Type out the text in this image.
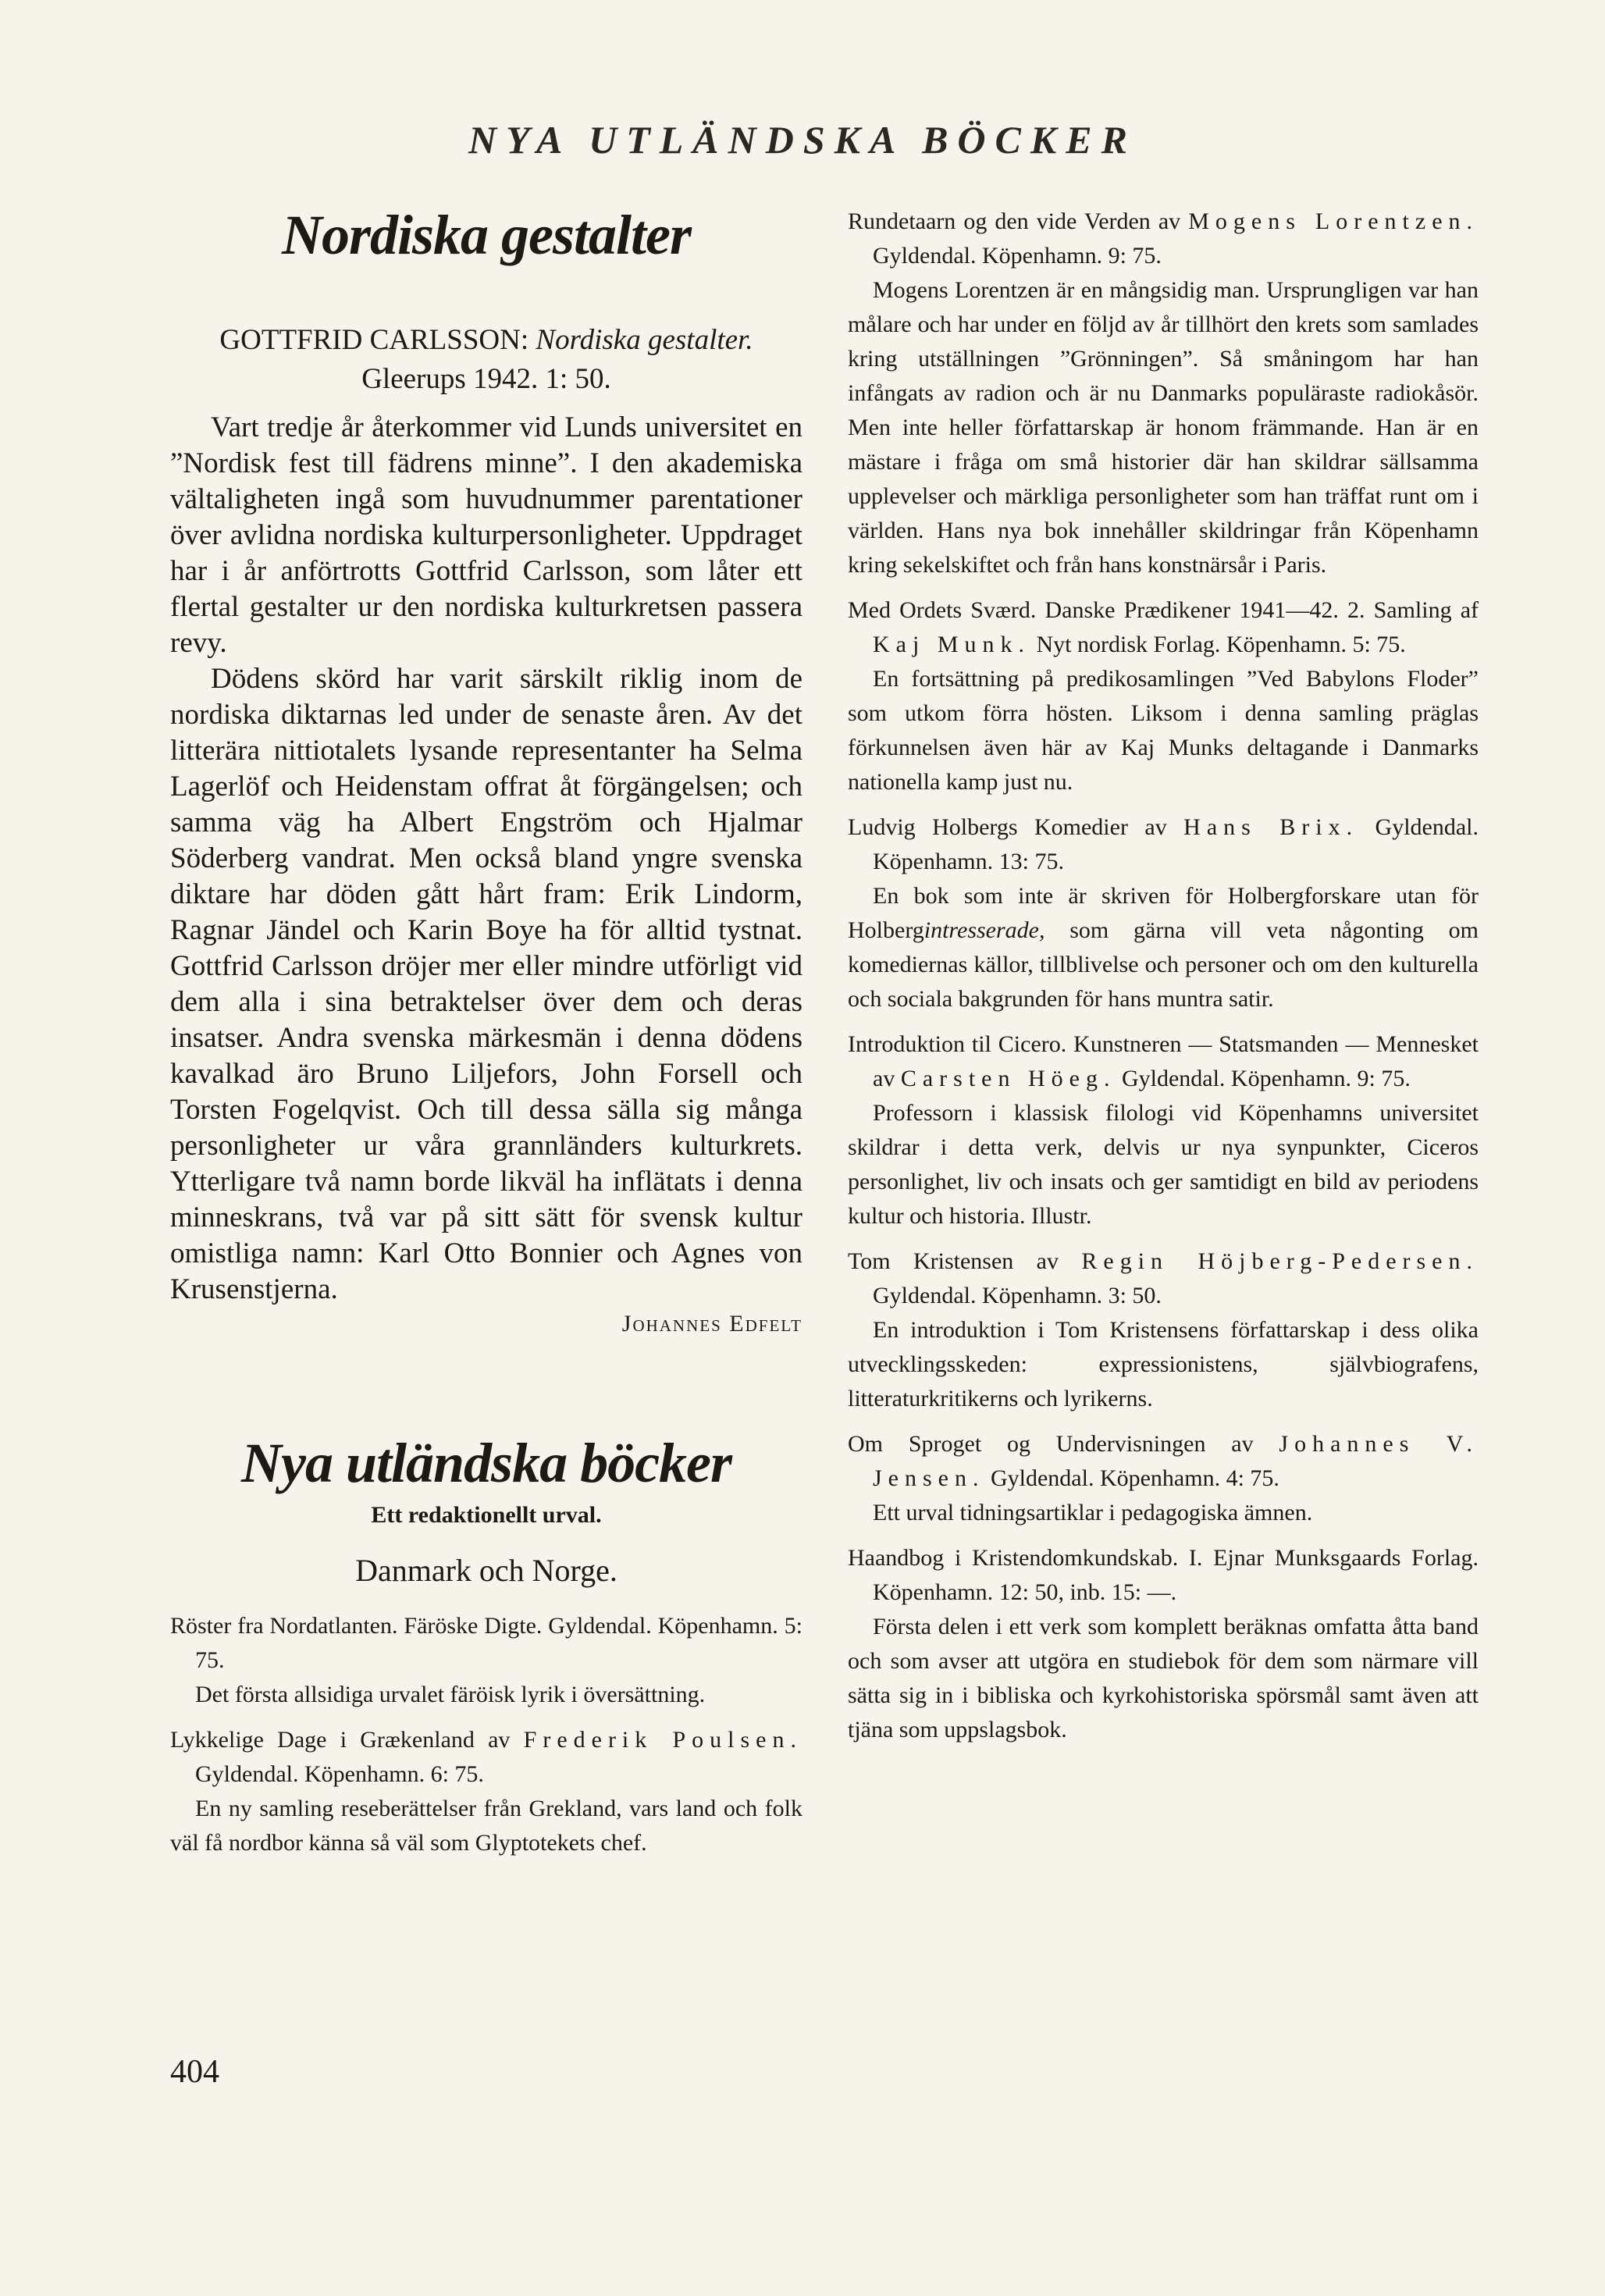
NYA UTLÄNDSKA BÖCKER
Nordiska gestalter
GOTTFRID CARLSSON: Nordiska gestalter.
Gleerups 1942. 1: 50.

Vart tredje år återkommer vid Lunds universitet en ”Nordisk fest till fädrens minne”. I den akademiska vältaligheten ingå som huvudnummer parentationer över avlidna nordiska kulturpersonligheter. Uppdraget har i år anförtrotts Gottfrid Carlsson, som låter ett flertal gestalter ur den nordiska kulturkretsen passera revy.

Dödens skörd har varit särskilt riklig inom de nordiska diktarnas led under de senaste åren. Av det litterära nittiotalets lysande representanter ha Selma Lagerlöf och Heidenstam offrat åt förgängelsen; och samma väg ha Albert Engström och Hjalmar Söderberg vandrat. Men också bland yngre svenska diktare har döden gått hårt fram: Erik Lindorm, Ragnar Jändel och Karin Boye ha för alltid tystnat. Gottfrid Carlsson dröjer mer eller mindre utförligt vid dem alla i sina betraktelser över dem och deras insatser. Andra svenska märkesmän i denna dödens kavalkad äro Bruno Liljefors, John Forsell och Torsten Fogelqvist. Och till dessa sälla sig många personligheter ur våra grannländers kulturkrets. Ytterligare två namn borde likväl ha inflätats i denna minneskrans, två var på sitt sätt för svensk kultur omistliga namn: Karl Otto Bonnier och Agnes von Krusenstjerna.

Johannes Edfelt
Nya utländska böcker
Ett redaktionellt urval.
Danmark och Norge.
Röster fra Nordatlanten. Färöske Digte. Gyldendal. Köpenhamn. 5: 75.
Det första allsidiga urvalet färöisk lyrik i översättning.
Lykkelige Dage i Grækenland av Frederik Poulsen. Gyldendal. Köpenhamn. 6: 75.
En ny samling reseberättelser från Grekland, vars land och folk väl få nordbor känna så väl som Glyptotekets chef.
Rundetaarn og den vide Verden av Mogens Lorentzen. Gyldendal. Köpenhamn. 9: 75.
Mogens Lorentzen är en mångsidig man. Ursprungligen var han målare och har under en följd av år tillhört den krets som samlades kring utställningen ”Grönningen”. Så småningom har han infångats av radion och är nu Danmarks populäraste radiokåsör. Men inte heller författarskap är honom främmande. Han är en mästare i fråga om små historier där han skildrar sällsamma upplevelser och märkliga personligheter som han träffat runt om i världen. Hans nya bok innehåller skildringar från Köpenhamn kring sekelskiftet och från hans konstnärsår i Paris.
Med Ordets Sværd. Danske Prædikener 1941—42. 2. Samling af Kaj Munk. Nyt nordisk Forlag. Köpenhamn. 5: 75.
En fortsättning på predikosamlingen ”Ved Babylons Floder” som utkom förra hösten. Liksom i denna samling präglas förkunnelsen även här av Kaj Munks deltagande i Danmarks nationella kamp just nu.
Ludvig Holbergs Komedier av Hans Brix. Gyldendal. Köpenhamn. 13: 75.
En bok som inte är skriven för Holbergforskare utan för Holbergintresserade, som gärna vill veta någonting om komediernas källor, tillblivelse och personer och om den kulturella och sociala bakgrunden för hans muntra satir.
Introduktion til Cicero. Kunstneren — Statsmanden — Mennesket av Carsten Höeg. Gyldendal. Köpenhamn. 9: 75.
Professorn i klassisk filologi vid Köpenhamns universitet skildrar i detta verk, delvis ur nya synpunkter, Ciceros personlighet, liv och insats och ger samtidigt en bild av periodens kultur och historia. Illustr.
Tom Kristensen av Regin Höjberg-Pedersen. Gyldendal. Köpenhamn. 3: 50.
En introduktion i Tom Kristensens författarskap i dess olika utvecklingsskeden: expressionistens, självbiografens, litteraturkritikerns och lyrikerns.
Om Sproget og Undervisningen av Johannes V. Jensen. Gyldendal. Köpenhamn. 4: 75.
Ett urval tidningsartiklar i pedagogiska ämnen.
Haandbog i Kristendomkundskab. I. Ejnar Munksgaards Forlag. Köpenhamn. 12: 50, inb. 15: —.
Första delen i ett verk som komplett beräknas omfatta åtta band och som avser att utgöra en studiebok för dem som närmare vill sätta sig in i bibliska och kyrkohistoriska spörsmål samt även att tjäna som uppslagsbok.
404
